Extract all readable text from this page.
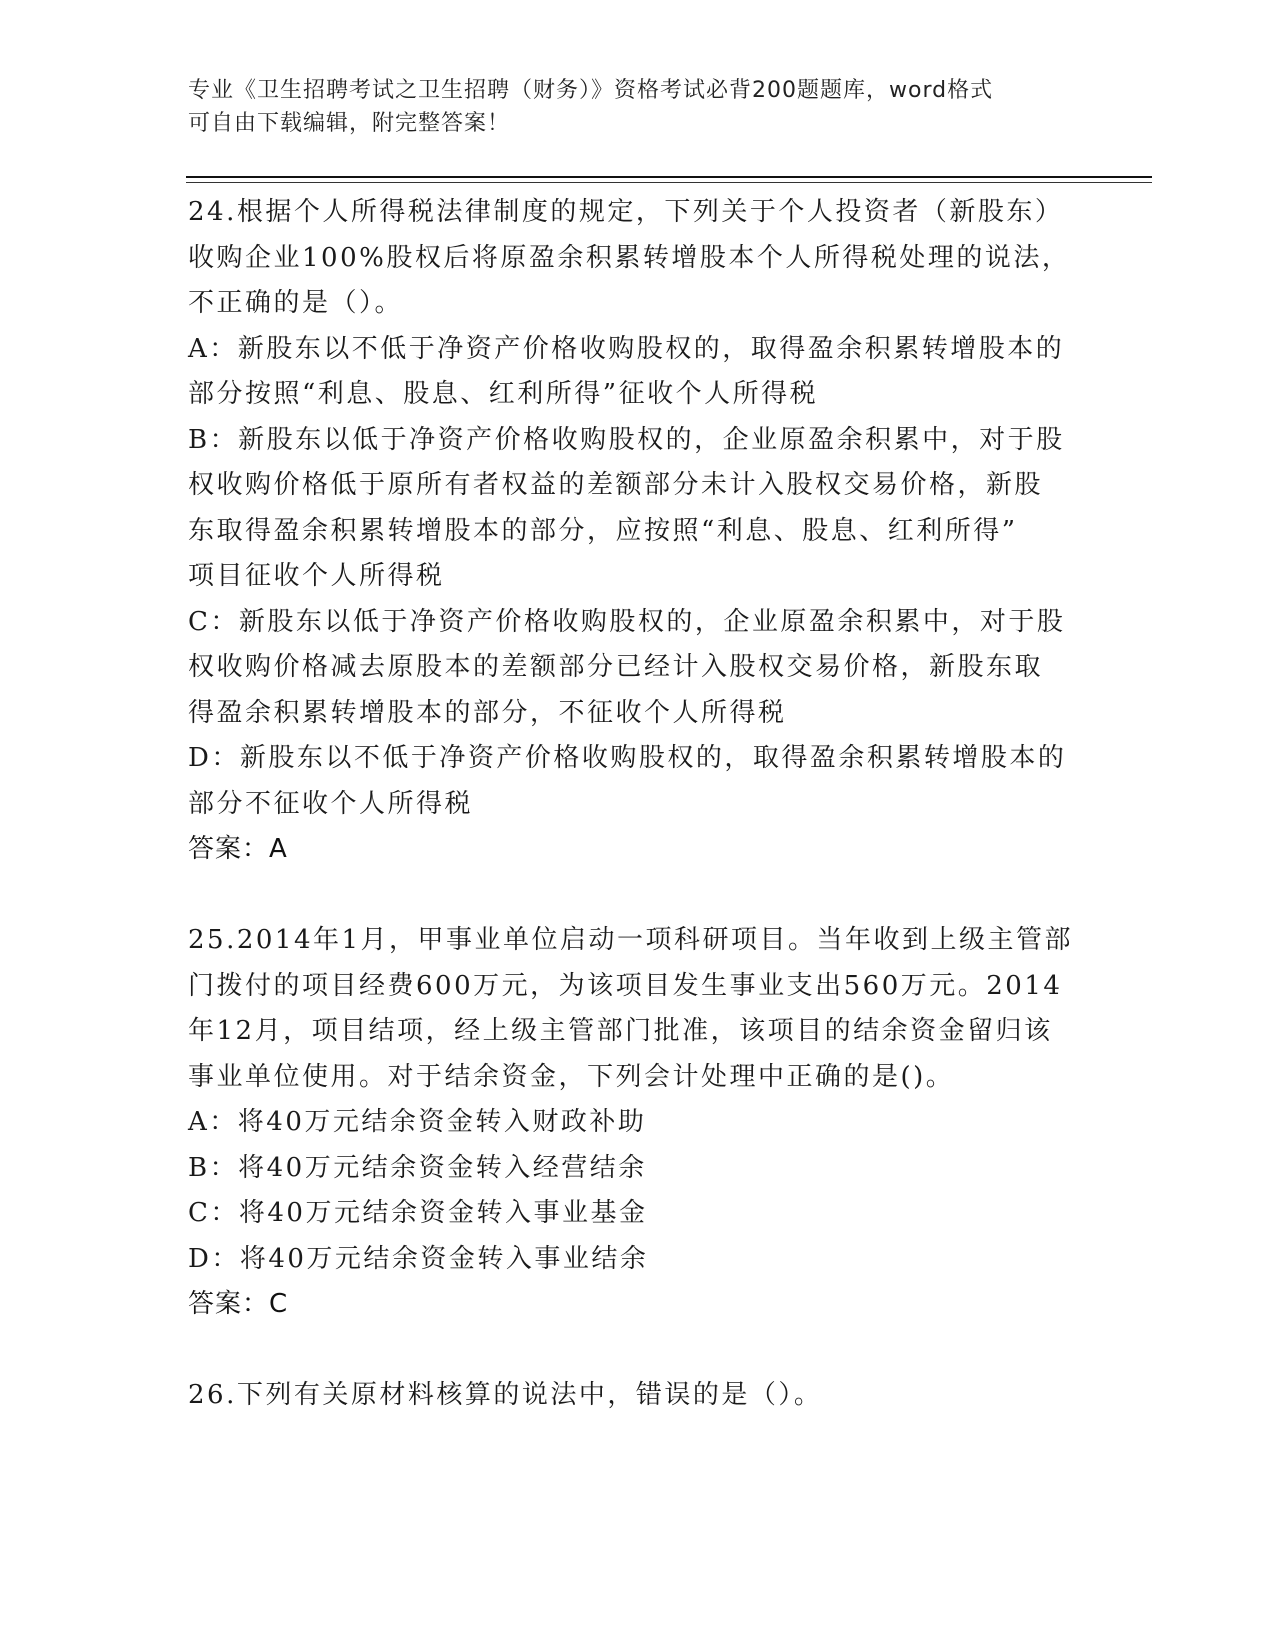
专业《卫生招聘考试之卫生招聘（财务）》资格考试必背200题题库，word格式

可自由下载编辑，附完整答案！

24.根据个人所得税法律制度的规定，下列关于个人投资者（新股东）

收购企业100%股权后将原盈余积累转增股本个人所得税处理的说法，

不正确的是（）。

A：新股东以不低于净资产价格收购股权的，取得盈余积累转增股本的

部分按照“利息、股息、红利所得”征收个人所得税

B：新股东以低于净资产价格收购股权的，企业原盈余积累中，对于股

权收购价格低于原所有者权益的差额部分未计入股权交易价格，新股

东取得盈余积累转增股本的部分，应按照“利息、股息、红利所得”

项目征收个人所得税

C：新股东以低于净资产价格收购股权的，企业原盈余积累中，对于股

权收购价格减去原股本的差额部分已经计入股权交易价格，新股东取

得盈余积累转增股本的部分，不征收个人所得税

D：新股东以不低于净资产价格收购股权的，取得盈余积累转增股本的

部分不征收个人所得税

答案：A

25.2014年1月，甲事业单位启动一项科研项目。当年收到上级主管部

门拨付的项目经费600万元，为该项目发生事业支出560万元。2014

年12月，项目结项，经上级主管部门批准，该项目的结余资金留归该

事业单位使用。对于结余资金，下列会计处理中正确的是()。

A：将40万元结余资金转入财政补助

B：将40万元结余资金转入经营结余

C：将40万元结余资金转入事业基金

D：将40万元结余资金转入事业结余

答案：C

26.下列有关原材料核算的说法中，错误的是（）。
